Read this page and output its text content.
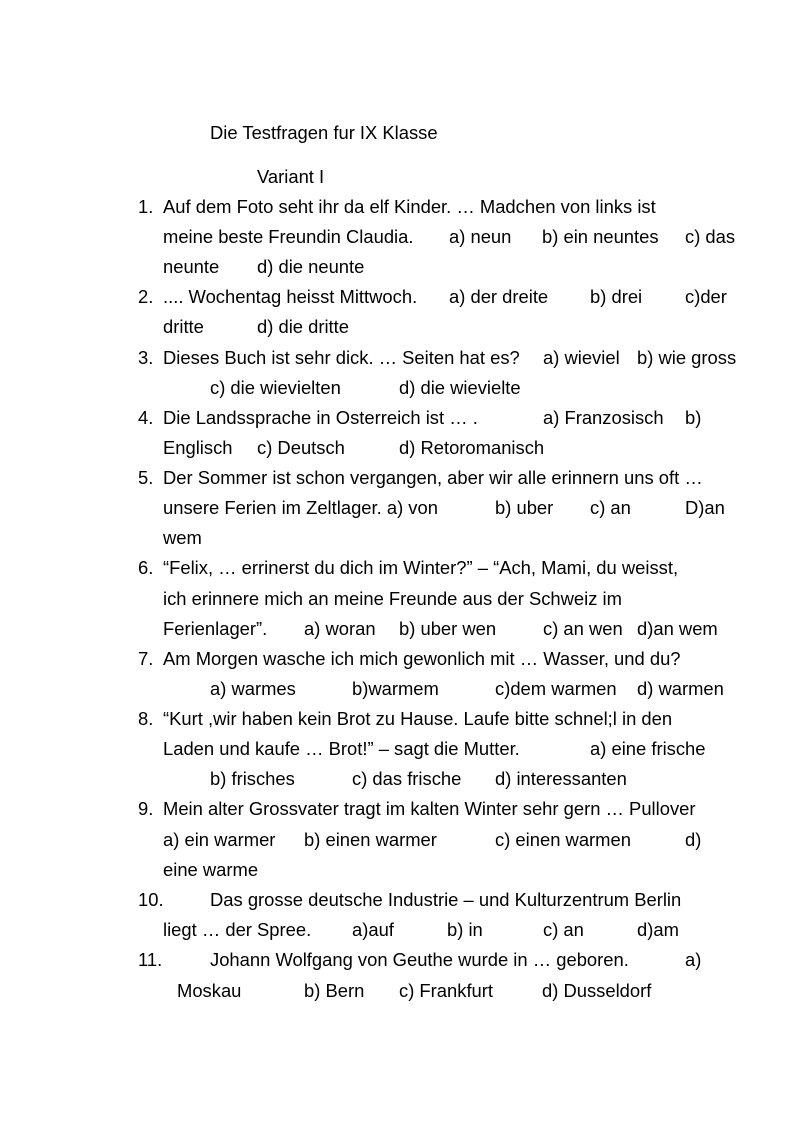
Die Testfragen fur IX Klasse
Variant I
1. Auf dem Foto seht ihr da elf Kinder. … Madchen von links ist
meine beste Freundin Claudia. a) neun b) ein neuntes c) das
neunte d) die neunte
2. .... Wochentag heisst Mittwoch. a) der dreite b) drei c)der
dritte	d) die dritte
3. Dieses Buch ist sehr dick. … Seiten hat es? a) wieviel b) wie gross
c) die wievielten	d) die wievielte
4. Die Landssprache in Osterreich ist … .	a) Franzosisch b)
Englisch c) Deutsch	d) Retoromanisch
5. Der Sommer ist schon vergangen, aber wir alle erinnern uns oft …
unsere Ferien im Zeltlager. a) von	b) uber c) an	D)an
wem
6. “Felix, … errinerst du dich im Winter?” – “Ach, Mami, du weisst,
ich erinnere mich an meine Freunde aus der Schweiz im
Ferienlager”. a) woran b) uber wen	c) an wen d)an wem
7. Am Morgen wasche ich mich gewonlich mit … Wasser, und du?
a) warmes	b)warmem	c)dem warmen d) warmen
8. “Kurt ,wir haben kein Brot zu Hause. Laufe bitte schnel;l in den
Laden und kaufe … Brot!” – sagt die Mutter.	a) eine frische
b) frisches	c) das frische d) interessanten
9. Mein alter Grossvater tragt im kalten Winter sehr gern … Pullover
a) ein warmer b) einen warmer	c) einen warmen	d)
eine warme
10.	Das grosse deutsche Industrie – und Kulturzentrum Berlin
liegt … der Spree. a)auf	b) in	c) an	d)am
11.	Johann Wolfgang von Geuthe wurde in … geboren.	a)
Moskau	b) Bern c) Frankfurt	d) Dusseldorf
